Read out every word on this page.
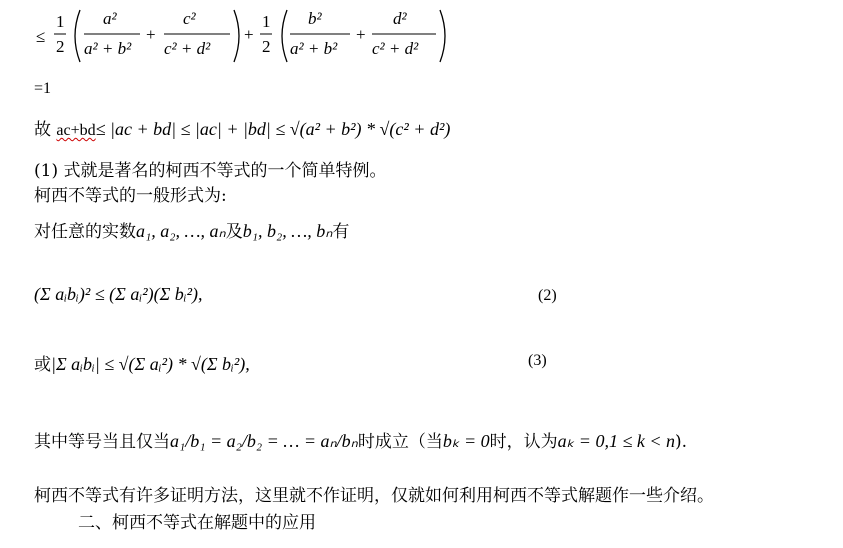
≤
1
2
a²
a² + b²
+
c²
c² + d²
+
1
2
b²
a² + b²
+
d²
c² + d²
=1
故 ac+bd≤ |ac + bd| ≤ |ac| + |bd| ≤ √(a² + b²) * √(c² + d²)
(1) 式就是著名的柯西不等式的一个简单特例。
柯西不等式的一般形式为:
对任意的实数a₁, a₂, …, aₙ及b₁, b₂, …, bₙ有
(Σ aᵢbᵢ)² ≤ (Σ aᵢ²)(Σ bᵢ²),	(2)
或|Σ aᵢbᵢ| ≤ √(Σ aᵢ²) * √(Σ bᵢ²),	(3)
其中等号当且仅当a₁/b₁ = a₂/b₂ = … = aₙ/bₙ时成立（当bₖ = 0时，认为aₖ = 0,1 ≤ k < n).
柯西不等式有许多证明方法，这里就不作证明，仅就如何利用柯西不等式解题作一些介绍。
二、柯西不等式在解题中的应用
